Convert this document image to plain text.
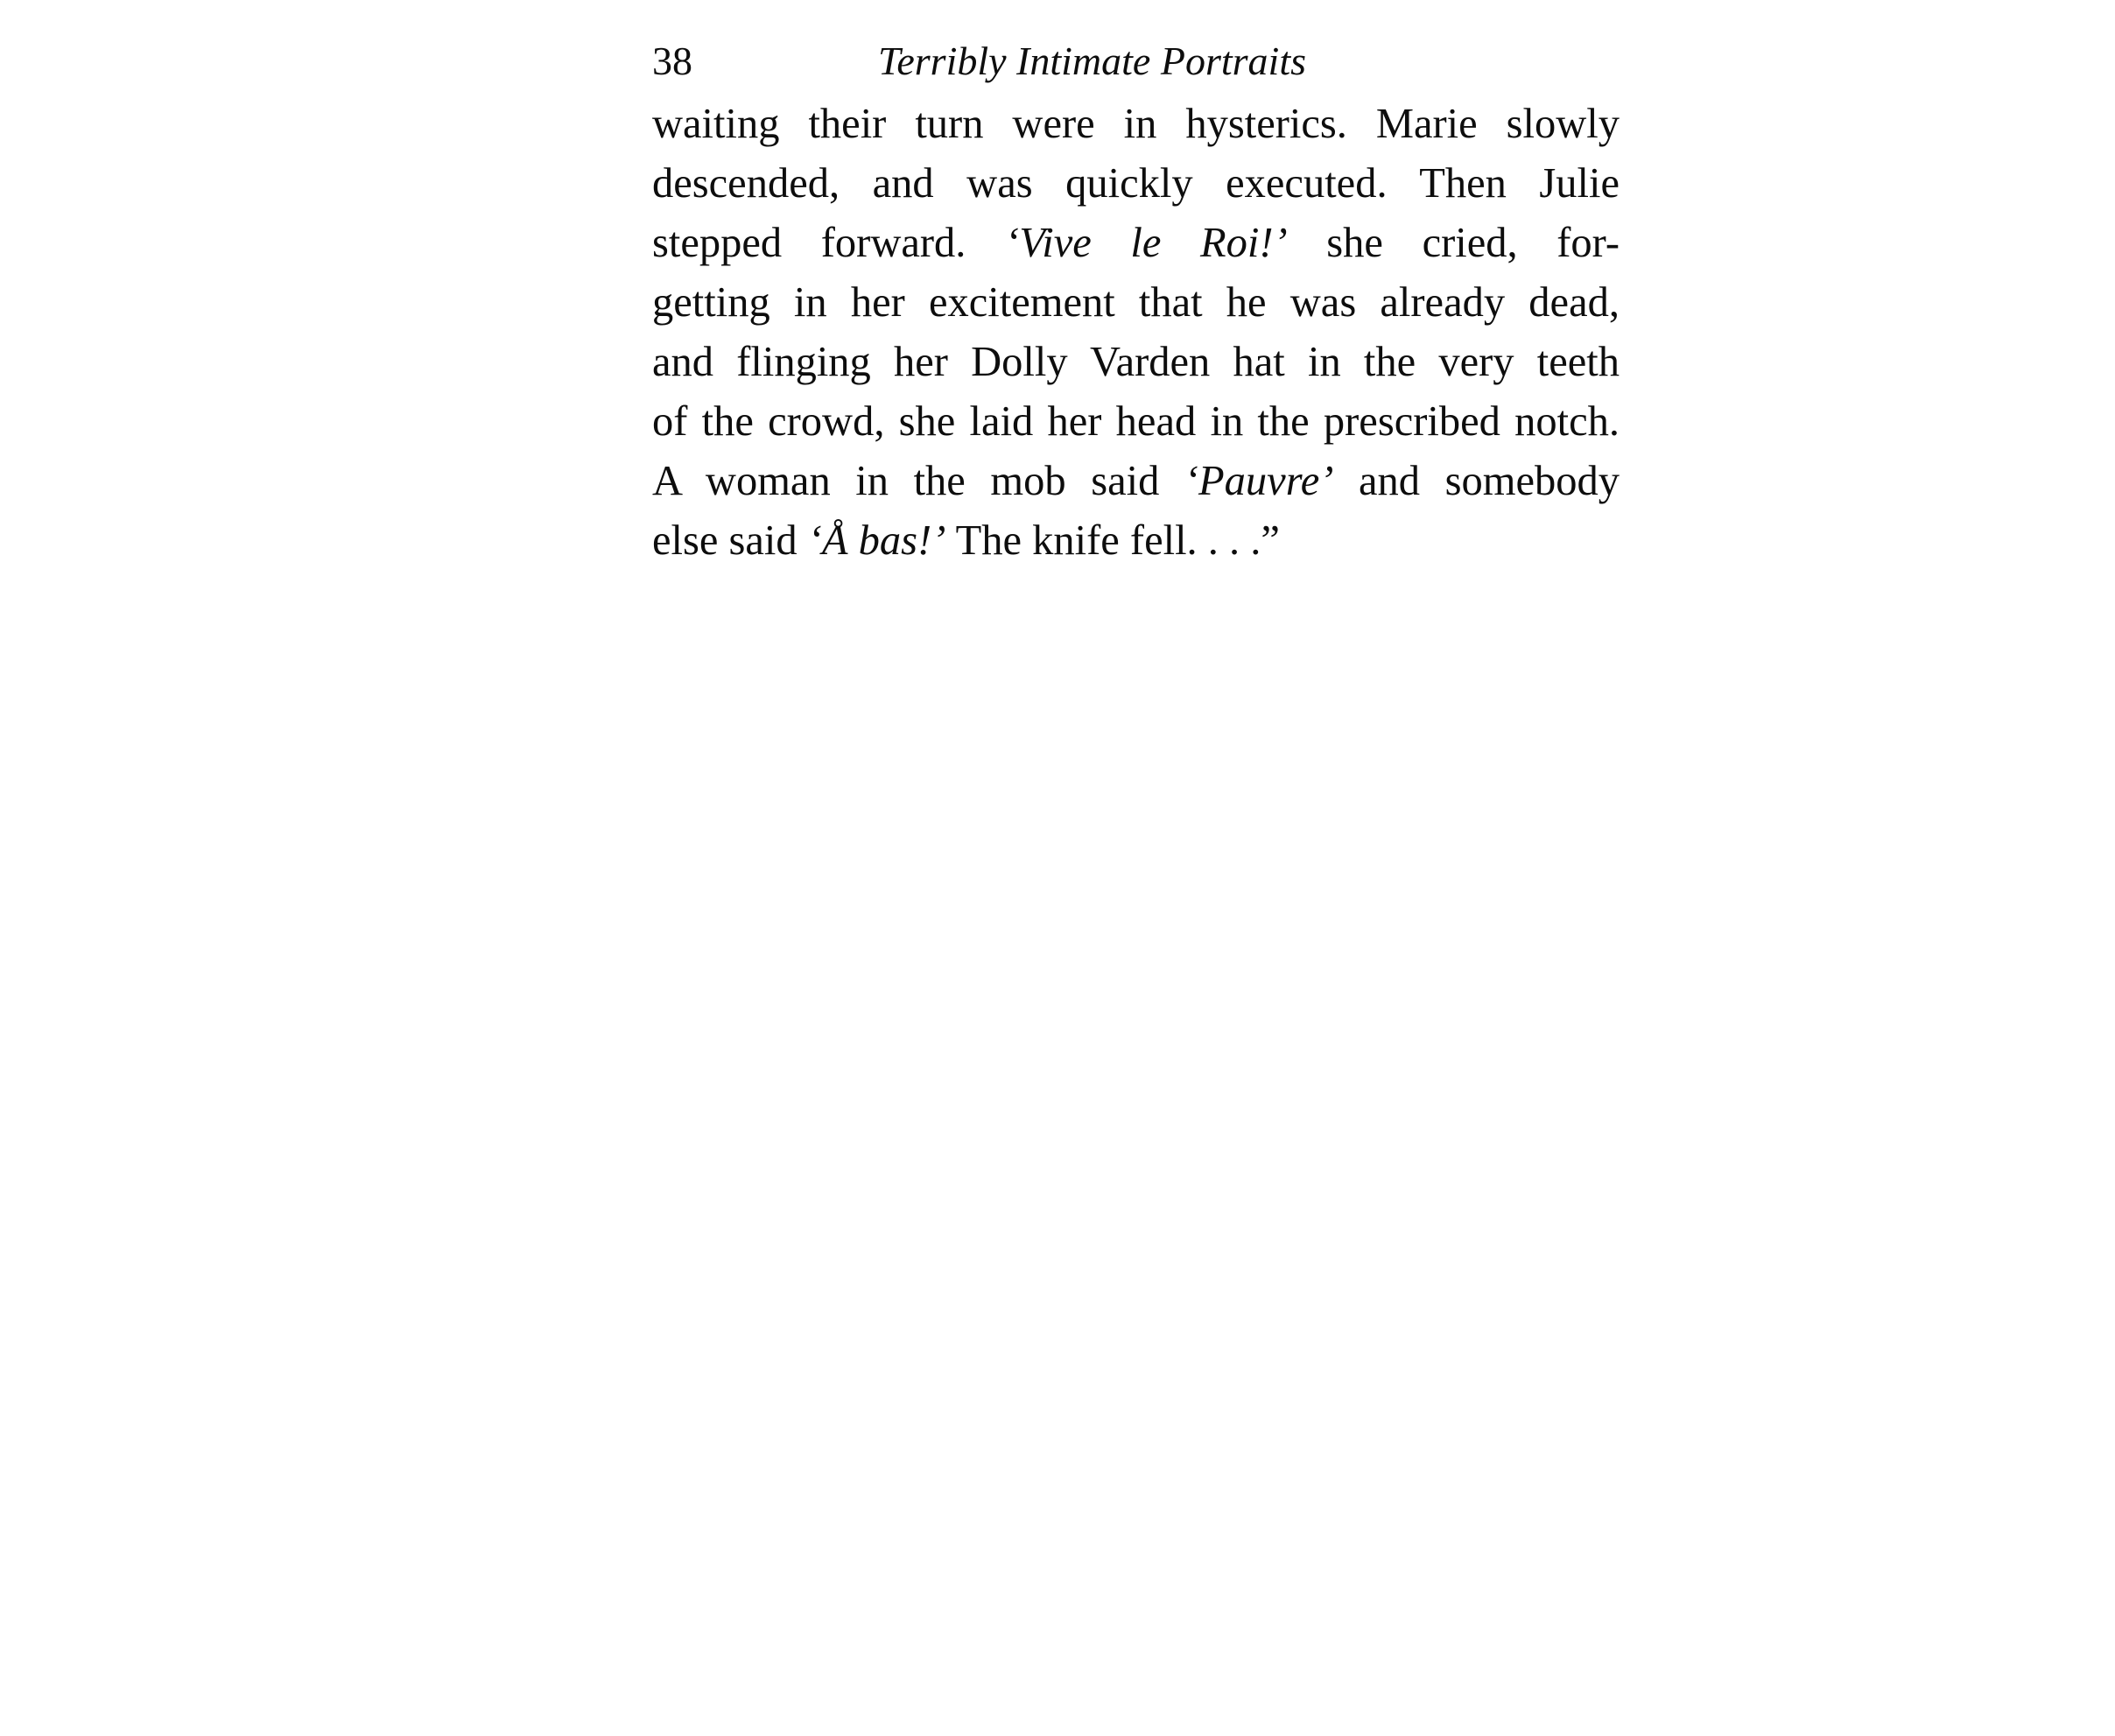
38	Terribly Intimate Portraits
waiting their turn were in hysterics. Marie slowly
descended, and was quickly executed. Then Julie
stepped forward. ‘Vive le Roi!’ she cried, for-
getting in her excitement that he was already dead,
and flinging her Dolly Varden hat in the very teeth
of the crowd, she laid her head in the prescribed notch.
A woman in the mob said ‘Pauvre’ and somebody
else said ‘Å bas!’ The knife fell. . . .”
